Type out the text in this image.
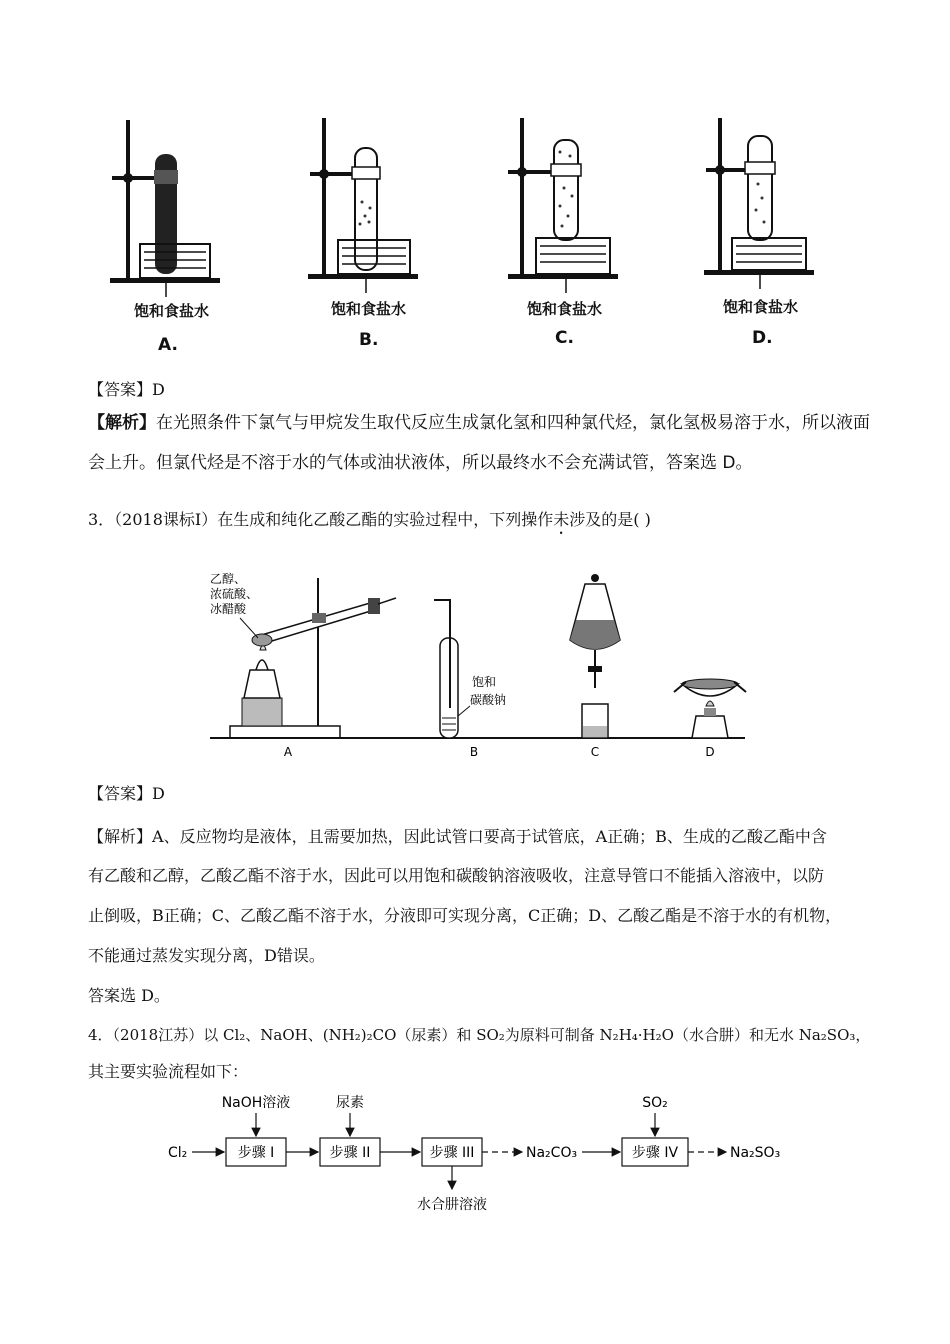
饱和食盐水	饱和食盐水	饱和食盐水	饱和食盐水
A.	B.	C.	D.
【答案】D
【解析】在光照条件下氯气与甲烷发生取代反应生成氯化氢和四种氯代烃，氯化氢极易溶于水，所以液面
会上升。但氯代烃是不溶于水的气体或油状液体，所以最终水不会充满试管，答案选 D。
3．（2018课标Ⅰ）在生成和纯化乙酸乙酯的实验过程中，下列操作未涉及的是( )
乙醇、
浓硫酸、
冰醋酸
饱和
碳酸钠
A	B	C	D
【答案】D
【解析】A、反应物均是液体，且需要加热，因此试管口要高于试管底，A正确；B、生成的乙酸乙酯中含
有乙酸和乙醇，乙酸乙酯不溶于水，因此可以用饱和碳酸钠溶液吸收，注意导管口不能插入溶液中，以防
止倒吸，B正确；C、乙酸乙酯不溶于水，分液即可实现分离，C正确；D、乙酸乙酯是不溶于水的有机物，
不能通过蒸发实现分离，D错误。
答案选 D。
4．（2018江苏）以 Cl₂、NaOH、(NH₂)₂CO（尿素）和 SO₂为原料可制备 N₂H₄·H₂O（水合肼）和无水 Na₂SO₃，
其主要实验流程如下：
步骤 I	步骤 II	步骤 III	步骤 IV
Cl₂	Na₂CO₃	Na₂SO₃
NaOH溶液	尿素	SO₂
水合肼溶液
